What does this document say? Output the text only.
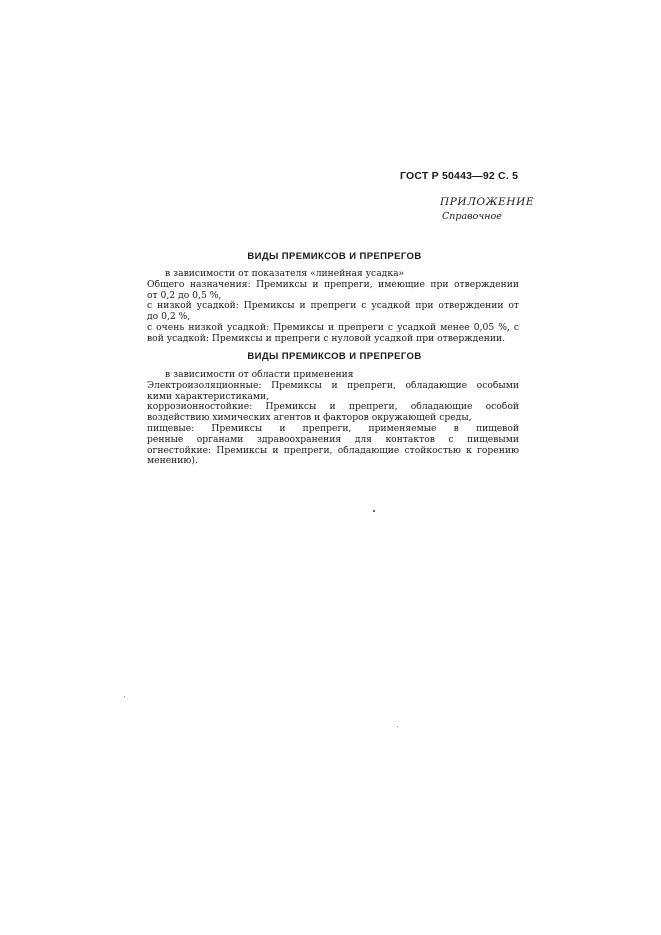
ГОСТ Р 50443—92 С. 5
ПРИЛОЖЕНИЕ
Справочное
ВИДЫ ПРЕМИКСОВ И ПРЕПРЕГОВ
в зависимости от показателя «линейная усадка»
Общего назначения: Премиксы и препреги, имеющие при отверждении
от 0,2 до 0,5 %,
с низкой усадкой: Премиксы и препреги с усадкой при отверждении от
до 0,2 %,
с очень низкой усадкой: Премиксы и препреги с усадкой менее 0,05 %, с
вой усадкой: Премиксы и препреги с нуловой усадкой при отверждении.
ВИДЫ ПРЕМИКСОВ И ПРЕПРЕГОВ
в зависимости от области применения
Электроизоляционные: Премиксы и препреги, обладающие особыми
кими характеристиками,
коррозионностойкие: Премиксы и препреги, обладающие особой
воздействию химических агентов и факторов окружающей среды,
пищевые: Премиксы и препреги, применяемые в пищевой
ренные органами здравоохранения для контактов с пищевыми
огнестойкие: Премиксы и препреги, обладающие стойкостью к горению
менению).
